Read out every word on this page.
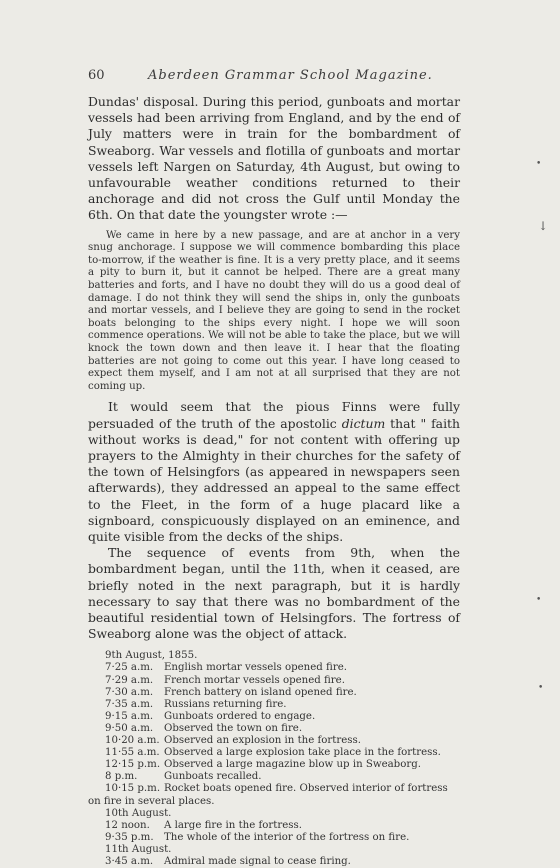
60	Aberdeen Grammar School Magazine.

Dundas' disposal. During this period, gunboats and mortar vessels had been arriving from England, and by the end of July matters were in train for the bombardment of Sweaborg. War vessels and flotilla of gunboats and mortar vessels left Nargen on Saturday, 4th August, but owing to unfavourable weather conditions returned to their anchorage and did not cross the Gulf until Monday the 6th. On that date the youngster wrote :—

We came in here by a new passage, and are at anchor in a very snug anchorage. I suppose we will commence bombarding this place to-morrow, if the weather is fine. It is a very pretty place, and it seems a pity to burn it, but it cannot be helped. There are a great many batteries and forts, and I have no doubt they will do us a good deal of damage. I do not think they will send the ships in, only the gunboats and mortar vessels, and I believe they are going to send in the rocket boats belonging to the ships every night. I hope we will soon commence operations. We will not be able to take the place, but we will knock the town down and then leave it. I hear that the floating batteries are not going to come out this year. I have long ceased to expect them myself, and I am not at all surprised that they are not coming up.

It would seem that the pious Finns were fully persuaded of the truth of the apostolic dictum that " faith without works is dead," for not content with offering up prayers to the Almighty in their churches for the safety of the town of Helsingfors (as appeared in newspapers seen afterwards), they addressed an appeal to the same effect to the Fleet, in the form of a huge placard like a signboard, conspicuously displayed on an eminence, and quite visible from the decks of the ships.

The sequence of events from 9th, when the bombardment began, until the 11th, when it ceased, are briefly noted in the next paragraph, but it is hardly necessary to say that there was no bombardment of the beautiful residential town of Helsingfors. The fortress of Sweaborg alone was the object of attack.

9th August, 1855.
7·25 a.m. English mortar vessels opened fire.
7·29 a.m. French mortar vessels opened fire.
7·30 a.m. French battery on island opened fire.
7·35 a.m. Russians returning fire.
9·15 a.m. Gunboats ordered to engage.
9·50 a.m. Observed the town on fire.
10·20 a.m. Observed an explosion in the fortress.
11·55 a.m. Observed a large explosion take place in the fortress.
12·15 p.m. Observed a large magazine blow up in Sweaborg.
8 p.m.	Gunboats recalled.
10·15 p.m. Rocket boats opened fire. Observed interior of fortress
on fire in several places.
10th August.
12 noon. A large fire in the fortress.
9·35 p.m. The whole of the interior of the fortress on fire.
11th August.
3·45 a.m. Admiral made signal to cease firing.
•
↓
•
•
